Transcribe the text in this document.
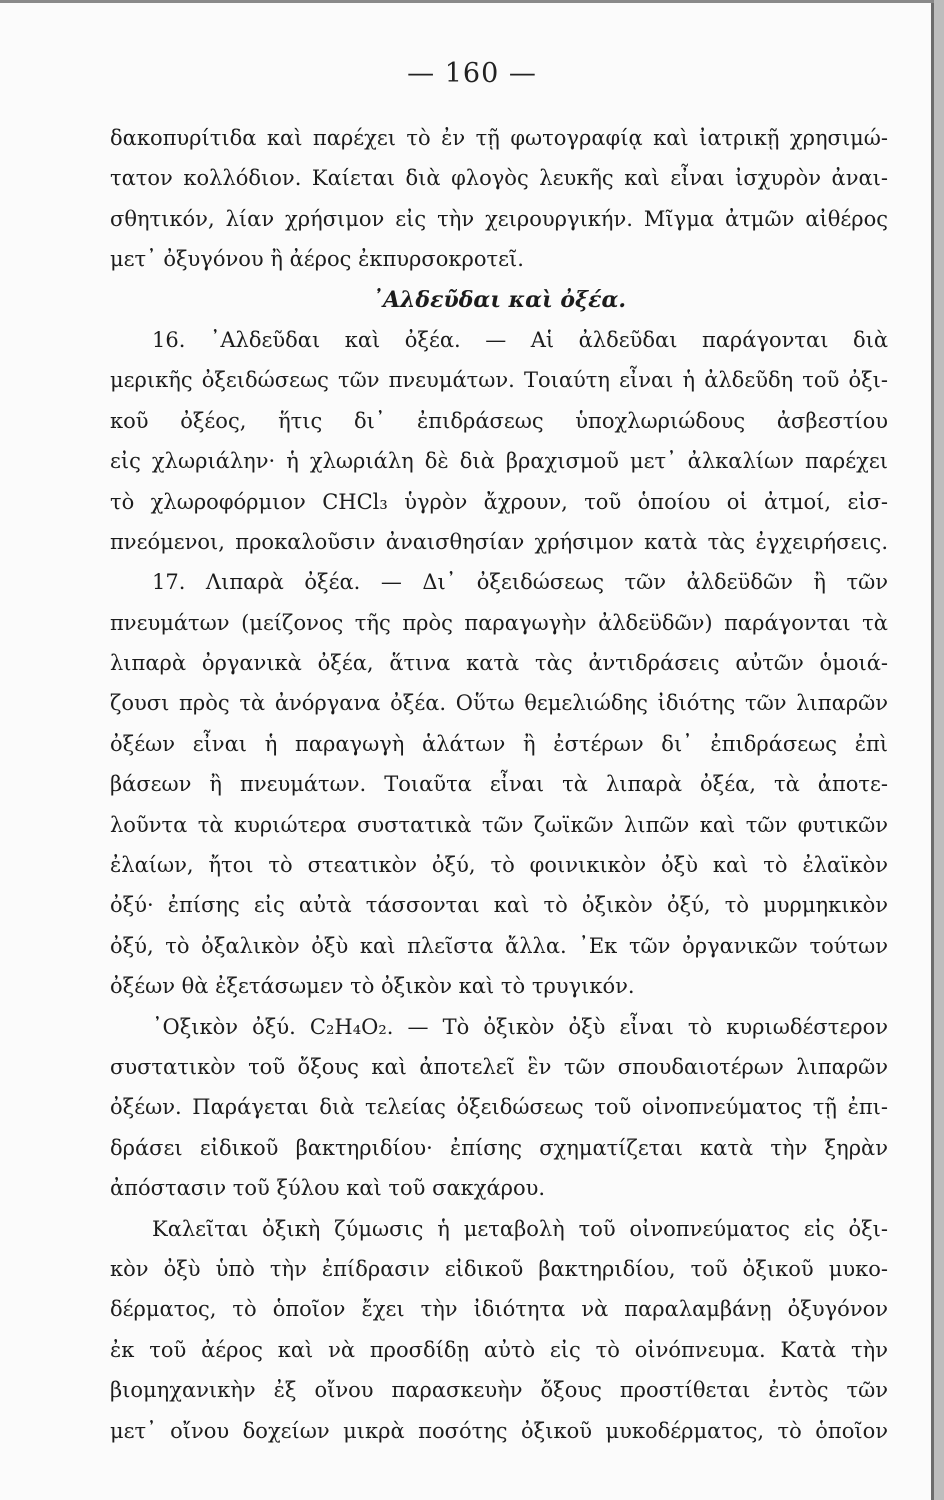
— 160 —
δακοπυρίτιδα καὶ παρέχει τὸ ἐν τῇ φωτογραφίᾳ καὶ ἰατρικῇ χρησιμώ-
τατον κολλόδιον. Καίεται διὰ φλογὸς λευκῆς καὶ εἶναι ἰσχυρὸν ἀναι-
σθητικόν, λίαν χρήσιμον εἰς τὴν χειρουργικήν. Μῖγμα ἀτμῶν αἰθέρος
μετ᾽ ὀξυγόνου ἢ ἀέρος ἐκπυρσοκροτεῖ.
᾽Αλδεῦδαι καὶ ὀξέα.
16. ᾽Αλδεῦδαι καὶ ὀξέα. — Αἱ ἀλδεῦδαι παράγονται διὰ
μερικῆς ὀξειδώσεως τῶν πνευμάτων. Τοιαύτη εἶναι ἡ ἀλδεῦδη τοῦ ὀξι-
κοῦ ὀξέος, ἥτις δι᾽ ἐπιδράσεως ὑποχλωριώδους ἀσβεστίου
εἰς χλωριάλην· ἡ χλωριάλη δὲ διὰ βραχισμοῦ μετ᾽ ἀλκαλίων παρέχει
τὸ χλωροφόρμιον CHCl₃ ὑγρὸν ἄχρουν, τοῦ ὁποίου οἱ ἀτμοί, εἰσ-
πνεόμενοι, προκαλοῦσιν ἀναισθησίαν χρήσιμον κατὰ τὰς ἐγχειρήσεις.
17. Λιπαρὰ ὀξέα. — Δι᾽ ὀξειδώσεως τῶν ἀλδεϋδῶν ἢ τῶν
πνευμάτων (μείζονος τῆς πρὸς παραγωγὴν ἀλδεϋδῶν) παράγονται τὰ
λιπαρὰ ὀργανικὰ ὀξέα, ἅτινα κατὰ τὰς ἀντιδράσεις αὐτῶν ὁμοιά-
ζουσι πρὸς τὰ ἀνόργανα ὀξέα. Οὕτω θεμελιώδης ἰδιότης τῶν λιπαρῶν
ὀξέων εἶναι ἡ παραγωγὴ ἁλάτων ἢ ἐστέρων δι᾽ ἐπιδράσεως ἐπὶ
βάσεων ἢ πνευμάτων. Τοιαῦτα εἶναι τὰ λιπαρὰ ὀξέα, τὰ ἀποτε-
λοῦντα τὰ κυριώτερα συστατικὰ τῶν ζωϊκῶν λιπῶν καὶ τῶν φυτικῶν
ἐλαίων, ἤτοι τὸ στεατικὸν ὀξύ, τὸ φοινικικὸν ὀξὺ καὶ τὸ ἐλαϊκὸν
ὀξύ· ἐπίσης εἰς αὐτὰ τάσσονται καὶ τὸ ὀξικὸν ὀξύ, τὸ μυρμηκικὸν
ὀξύ, τὸ ὀξαλικὸν ὀξὺ καὶ πλεῖστα ἄλλα. ᾽Εκ τῶν ὀργανικῶν τούτων
ὀξέων θὰ ἐξετάσωμεν τὸ ὀξικὸν καὶ τὸ τρυγικόν.
᾽Οξικὸν ὀξύ. C₂H₄O₂. — Τὸ ὀξικὸν ὀξὺ εἶναι τὸ κυριωδέστερον
συστατικὸν τοῦ ὄξους καὶ ἀποτελεῖ ἓν τῶν σπουδαιοτέρων λιπαρῶν
ὀξέων. Παράγεται διὰ τελείας ὀξειδώσεως τοῦ οἰνοπνεύματος τῇ ἐπι-
δράσει εἰδικοῦ βακτηριδίου· ἐπίσης σχηματίζεται κατὰ τὴν ξηρὰν
ἀπόστασιν τοῦ ξύλου καὶ τοῦ σακχάρου.
Καλεῖται ὀξικὴ ζύμωσις ἡ μεταβολὴ τοῦ οἰνοπνεύματος εἰς ὀξι-
κὸν ὀξὺ ὑπὸ τὴν ἐπίδρασιν εἰδικοῦ βακτηριδίου, τοῦ ὀξικοῦ μυκο-
δέρματος, τὸ ὁποῖον ἔχει τὴν ἰδιότητα νὰ παραλαμβάνῃ ὀξυγόνον
ἐκ τοῦ ἀέρος καὶ νὰ προσδίδῃ αὐτὸ εἰς τὸ οἰνόπνευμα. Κατὰ τὴν
βιομηχανικὴν ἐξ οἴνου παρασκευὴν ὄξους προστίθεται ἐντὸς τῶν
μετ᾽ οἴνου δοχείων μικρὰ ποσότης ὀξικοῦ μυκοδέρματος, τὸ ὁποῖον
